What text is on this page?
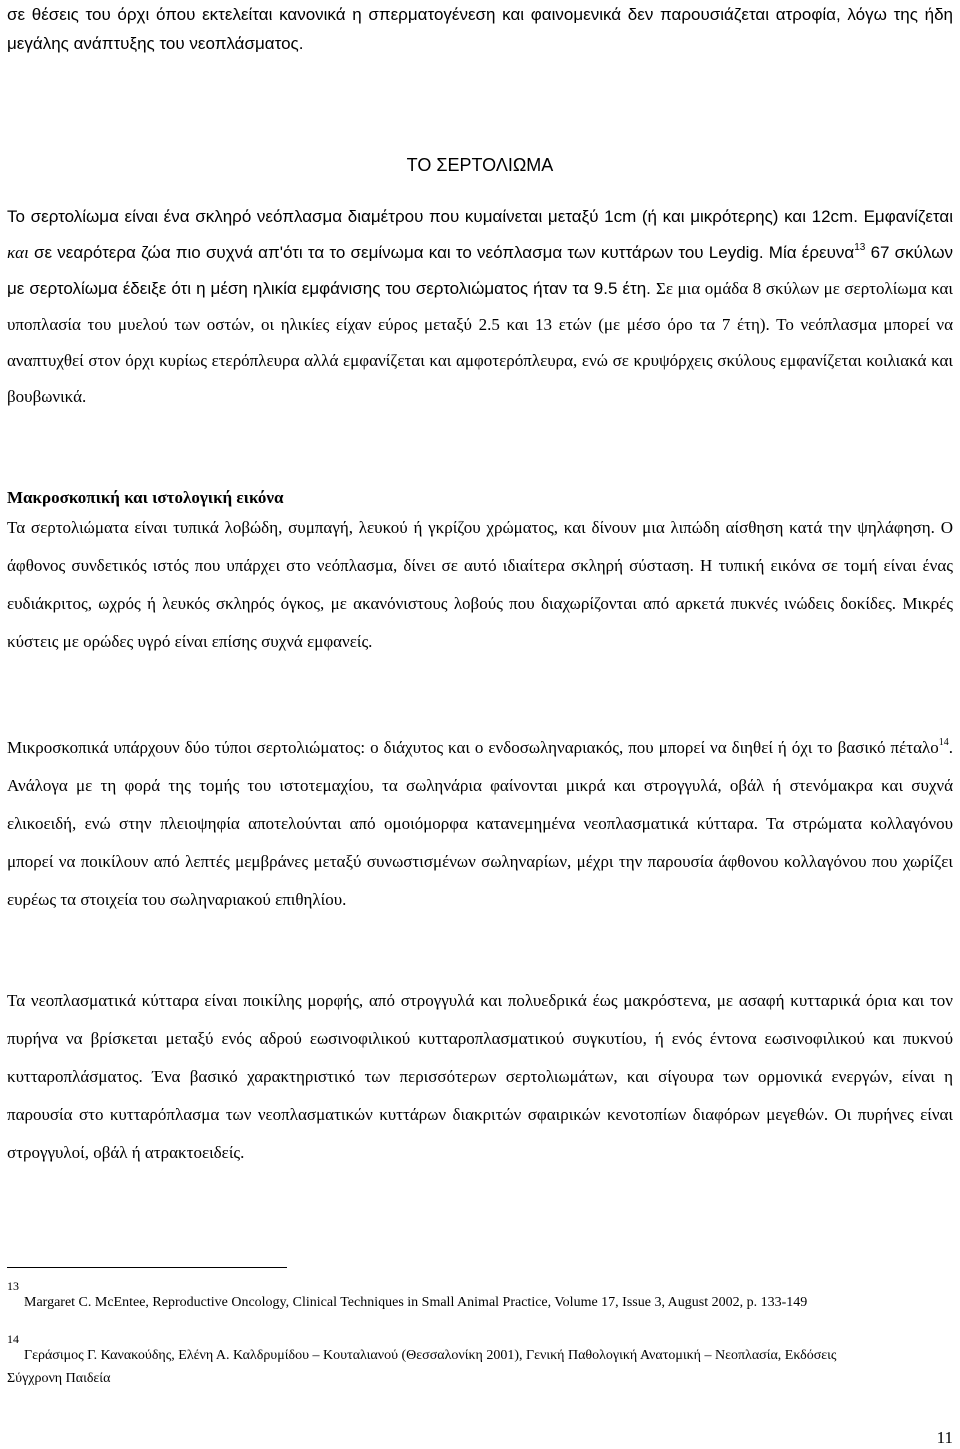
σε θέσεις του όρχι όπου εκτελείται κανονικά η σπερματογένεση και φαινομενικά δεν παρουσιάζεται ατροφία, λόγω της ήδη μεγάλης ανάπτυξης του νεοπλάσματος.

ΤΟ ΣΕΡΤΟΛΙΩΜΑ

Το σερτολίωμα είναι ένα σκληρό νεόπλασμα διαμέτρου που κυμαίνεται μεταξύ 1cm (ή και μικρότερης) και 12cm. Εμφανίζεται και σε νεαρότερα ζώα πιο συχνά απ'ότι τα το σεμίνωμα και το νεόπλασμα των κυττάρων του Leydig. Μία έρευνα$^{13}$ 67 σκύλων με σερτολίωμα έδειξε ότι η μέση ηλικία εμφάνισης του σερτολιώματος ήταν τα 9.5 έτη. Σε μια ομάδα 8 σκύλων με σερτολίωμα και υποπλασία του μυελού των οστών, οι ηλικίες είχαν εύρος μεταξύ 2.5 και 13 ετών (με μέσο όρο τα 7 έτη). Το νεόπλασμα μπορεί να αναπτυχθεί στον όρχι κυρίως ετερόπλευρα αλλά εμφανίζεται και αμφοτερόπλευρα, ενώ σε κρυψόρχεις σκύλους εμφανίζεται κοιλιακά και βουβωνικά.

Μακροσκοπική και ιστολογική εικόνα

Τα σερτολιώματα είναι τυπικά λοβώδη, συμπαγή, λευκού ή γκρίζου χρώματος, και δίνουν μια λιπώδη αίσθηση κατά την ψηλάφηση. Ο άφθονος συνδετικός ιστός που υπάρχει στο νεόπλασμα, δίνει σε αυτό ιδιαίτερα σκληρή σύσταση. Η τυπική εικόνα σε τομή είναι ένας ευδιάκριτος, ωχρός ή λευκός σκληρός όγκος, με ακανόνιστους λοβούς που διαχωρίζονται από αρκετά πυκνές ινώδεις δοκίδες. Μικρές κύστεις με ορώδες υγρό είναι επίσης συχνά εμφανείς.

Μικροσκοπικά υπάρχουν δύο τύποι σερτολιώματος: ο διάχυτος και ο ενδοσωληναριακός, που μπορεί να διηθεί ή όχι το βασικό πέταλο$^{14}$. Ανάλογα με τη φορά της τομής του ιστοτεμαχίου, τα σωληνάρια φαίνονται μικρά και στρογγυλά, οβάλ ή στενόμακρα και συχνά ελικοειδή, ενώ στην πλειοψηφία αποτελούνται από ομοιόμορφα κατανεμημένα νεοπλασματικά κύτταρα. Τα στρώματα κολλαγόνου μπορεί να ποικίλουν από λεπτές μεμβράνες μεταξύ συνωστισμένων σωληναρίων, μέχρι την παρουσία άφθονου κολλαγόνου που χωρίζει ευρέως τα στοιχεία του σωληναριακού επιθηλίου.

Τα νεοπλασματικά κύτταρα είναι ποικίλης μορφής, από στρογγυλά και πολυεδρικά έως μακρόστενα, με ασαφή κυτταρικά όρια και τον πυρήνα να βρίσκεται μεταξύ ενός αδρού εωσινοφιλικού κυτταροπλασματικού συγκυτίου, ή ενός έντονα εωσινοφιλικού και πυκνού κυτταροπλάσματος. Ένα βασικό χαρακτηριστικό των περισσότερων σερτολιωμάτων, και σίγουρα των ορμονικά ενεργών, είναι η παρουσία στο κυτταρόπλασμα των νεοπλασματικών κυττάρων διακριτών σφαιρικών κενοτοπίων διαφόρων μεγεθών. Οι πυρήνες είναι στρογγυλοί, οβάλ ή ατρακτοειδείς.

13
Margaret C. McEntee, Reproductive Oncology, Clinical Techniques in Small Animal Practice, Volume 17, Issue 3, August 2002, p. 133-149
14
Γεράσιμος Γ. Κανακούδης, Ελένη Α. Καλδρυμίδου – Κουταλιανού (Θεσσαλονίκη 2001), Γενική Παθολογική Ανατομική – Νεοπλασία, Εκδόσεις
Σύγχρονη Παιδεία
11
